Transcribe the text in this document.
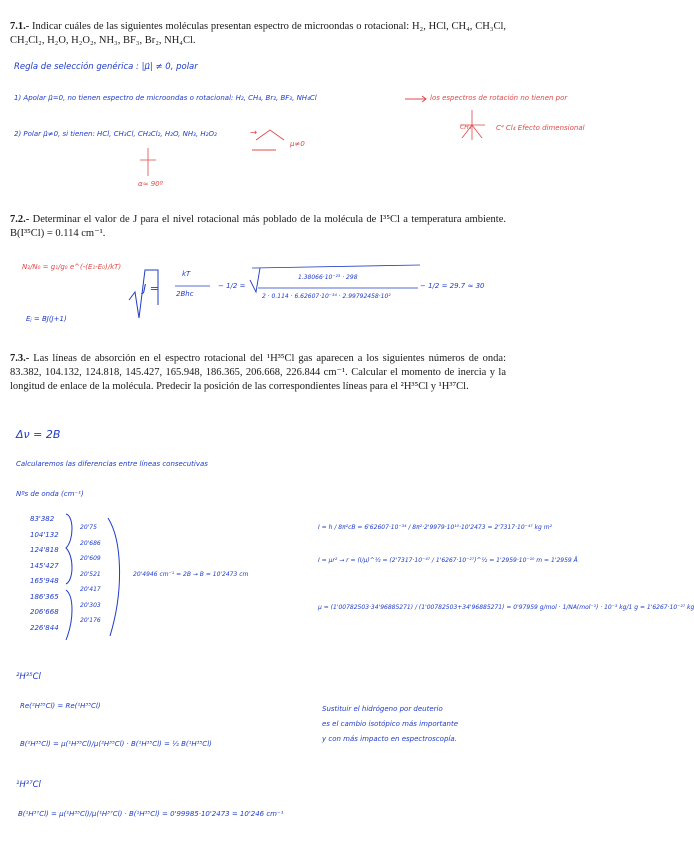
7.1.- Indicar cuáles de las siguientes moléculas presentan espectro de microondas o rotacional: H₂, HCl, CH₄, CH₃Cl, CH₂Cl₂, H₂O, H₂O₂, NH₃, BF₃, Br₂, NH₄Cl.
7.2.- Determinar el valor de J para el nivel rotacional más poblado de la molécula de I³⁵Cl a temperatura ambiente. B(I³⁵Cl) = 0.114 cm⁻¹.
7.3.- Las líneas de absorción en el espectro rotacional del ¹H³⁵Cl gas aparecen a los siguientes números de onda: 83.382, 104.132, 124.818, 145.427, 165.948, 186.365, 206.668, 226.844 cm⁻¹. Calcular el momento de inercia y la longitud de enlace de la molécula. Predecir la posición de las correspondientes líneas para el ²H³⁵Cl y ¹H³⁷Cl.
Regla de selección genérica : |μ⃗| ≠ 0, polar
1) Apolar μ⃗=0, no tienen espectro de microondas o rotacional: H₂, CH₄, Br₂, BF₃, NH₄Cl	los espectros de rotación no tienen por
C⁴ Cl₄ Efecto dimensional
CH₄
2) Polar μ⃗≠0, si tienen: HCl, CH₃Cl, CH₂Cl₂, H₂O, NH₃, H₂O₂	→
μ≠0
α≈ 90º
N₂/N₀ = g₁/g₀ e^(-(E₁-E₀)/kT)
Eⱼ = BJ(J+1)
J =
kT
2Bhc
− 1/2 =
1.38066·10⁻²³ · 298
2 · 0.114 · 6.62607·10⁻³⁴ · 2.99792458·10²
− 1/2 = 29.7 ≈ 30
Δν = 2B
Calcularemos las diferencias entre líneas consecutivas
Nºs de onda (cm⁻¹)
83'382
104'132
124'818
145'427
165'948
186'365
206'668
226'844
20'75
20'686
20'609
20'521
20'417
20'303
20'176
20'4946 cm⁻¹ = 2B → B = 10'2473 cm
I = h / 8π²cB = 6'62607·10⁻³⁴ / 8π²·2'9979·10¹⁰·10'2473 = 2'7317·10⁻⁴⁷ kg m²
I = μr² → r = (I/μ)^½ = (2'7317·10⁻⁴⁷ / 1'6267·10⁻²⁷)^½ = 1'2959·10⁻¹⁰ m = 1'2959 Å
μ = (1'00782503·34'96885271) / (1'00782503+34'96885271) = 0'97959 g/mol · 1/NA(mol⁻¹) · 10⁻³ kg/1 g = 1'6267·10⁻²⁷ kg
²H³⁵Cl
Re(²H³⁵Cl) = Re(¹H³⁵Cl)
B(²H³⁵Cl) = μ(¹H³⁵Cl)/μ(²H³⁵Cl) · B(¹H³⁵Cl) = ½ B(¹H³⁵Cl)
Sustituir el hidrógeno por deuterio
es el cambio isotópico más importante
y con más impacto en espectroscopía.
¹H³⁷Cl
B(¹H³⁷Cl) = μ(¹H³⁵Cl)/μ(¹H³⁷Cl) · B(¹H³⁵Cl) = 0'99985·10'2473 = 10'246 cm⁻¹
